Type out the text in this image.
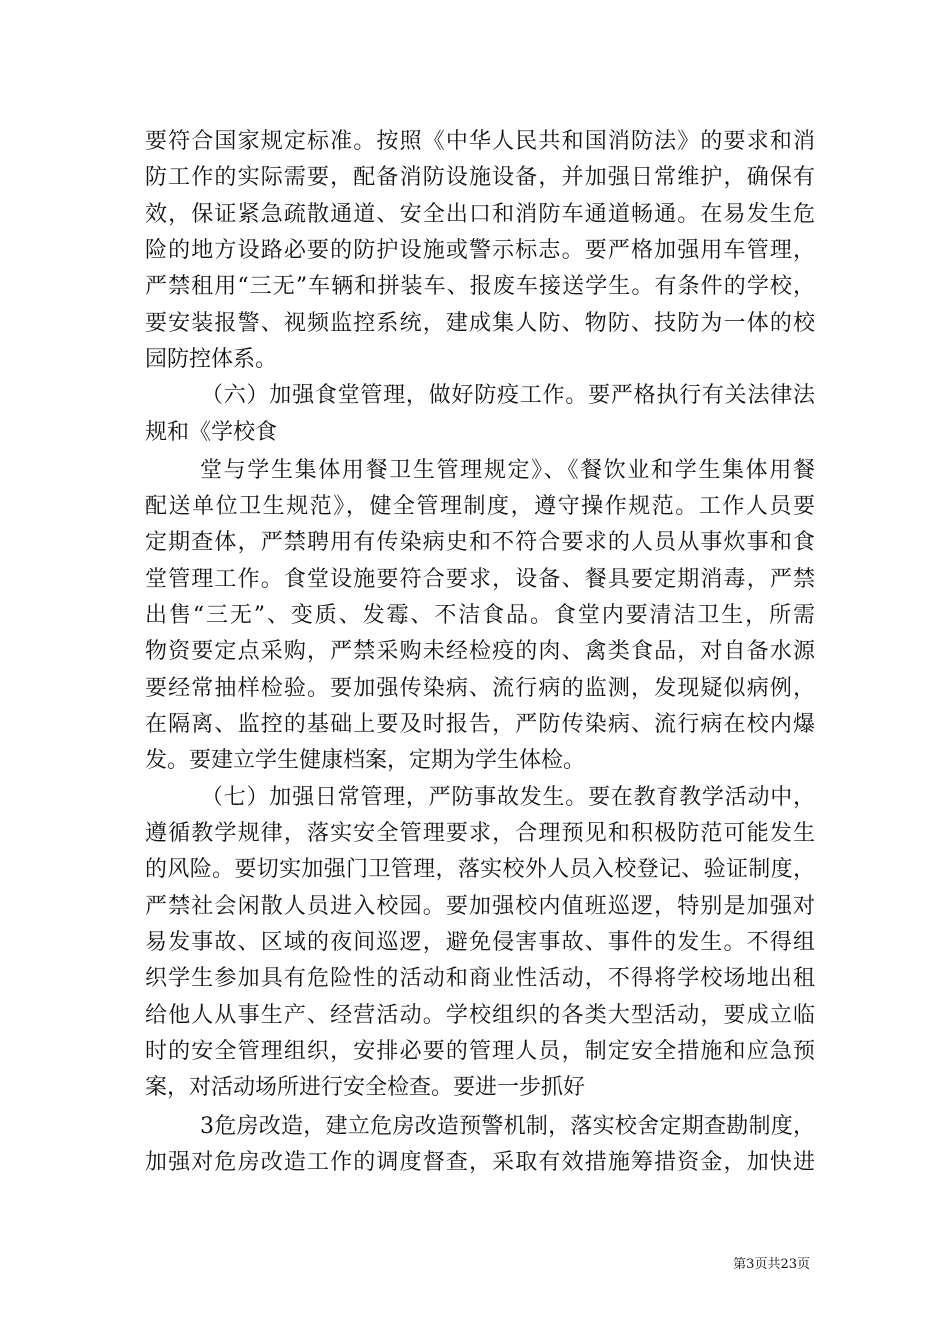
要符合国家规定标准。按照《中华人民共和国消防法》的要求和消
防工作的实际需要，配备消防设施设备，并加强日常维护，确保有
效，保证紧急疏散通道、安全出口和消防车通道畅通。在易发生危
险的地方设路必要的防护设施或警示标志。要严格加强用车管理，
严禁租用“三无”车辆和拼装车、报废车接送学生。有条件的学校，
要安装报警、视频监控系统，建成集人防、物防、技防为一体的校
园防控体系。
（六）加强食堂管理，做好防疫工作。要严格执行有关法律法
规和《学校食
堂与学生集体用餐卫生管理规定》、《餐饮业和学生集体用餐
配送单位卫生规范》，健全管理制度，遵守操作规范。工作人员要
定期查体，严禁聘用有传染病史和不符合要求的人员从事炊事和食
堂管理工作。食堂设施要符合要求，设备、餐具要定期消毒，严禁
出售“三无”、变质、发霉、不洁食品。食堂内要清洁卫生，所需
物资要定点采购，严禁采购未经检疫的肉、禽类食品，对自备水源
要经常抽样检验。要加强传染病、流行病的监测，发现疑似病例，
在隔离、监控的基础上要及时报告，严防传染病、流行病在校内爆
发。要建立学生健康档案，定期为学生体检。
（七）加强日常管理，严防事故发生。要在教育教学活动中，
遵循教学规律，落实安全管理要求，合理预见和积极防范可能发生
的风险。要切实加强门卫管理，落实校外人员入校登记、验证制度，
严禁社会闲散人员进入校园。要加强校内值班巡逻，特别是加强对
易发事故、区域的夜间巡逻，避免侵害事故、事件的发生。不得组
织学生参加具有危险性的活动和商业性活动，不得将学校场地出租
给他人从事生产、经营活动。学校组织的各类大型活动，要成立临
时的安全管理组织，安排必要的管理人员，制定安全措施和应急预
案，对活动场所进行安全检查。要进一步抓好
3危房改造，建立危房改造预警机制，落实校舍定期查勘制度，
加强对危房改造工作的调度督查，采取有效措施筹措资金，加快进
第3页共23页
